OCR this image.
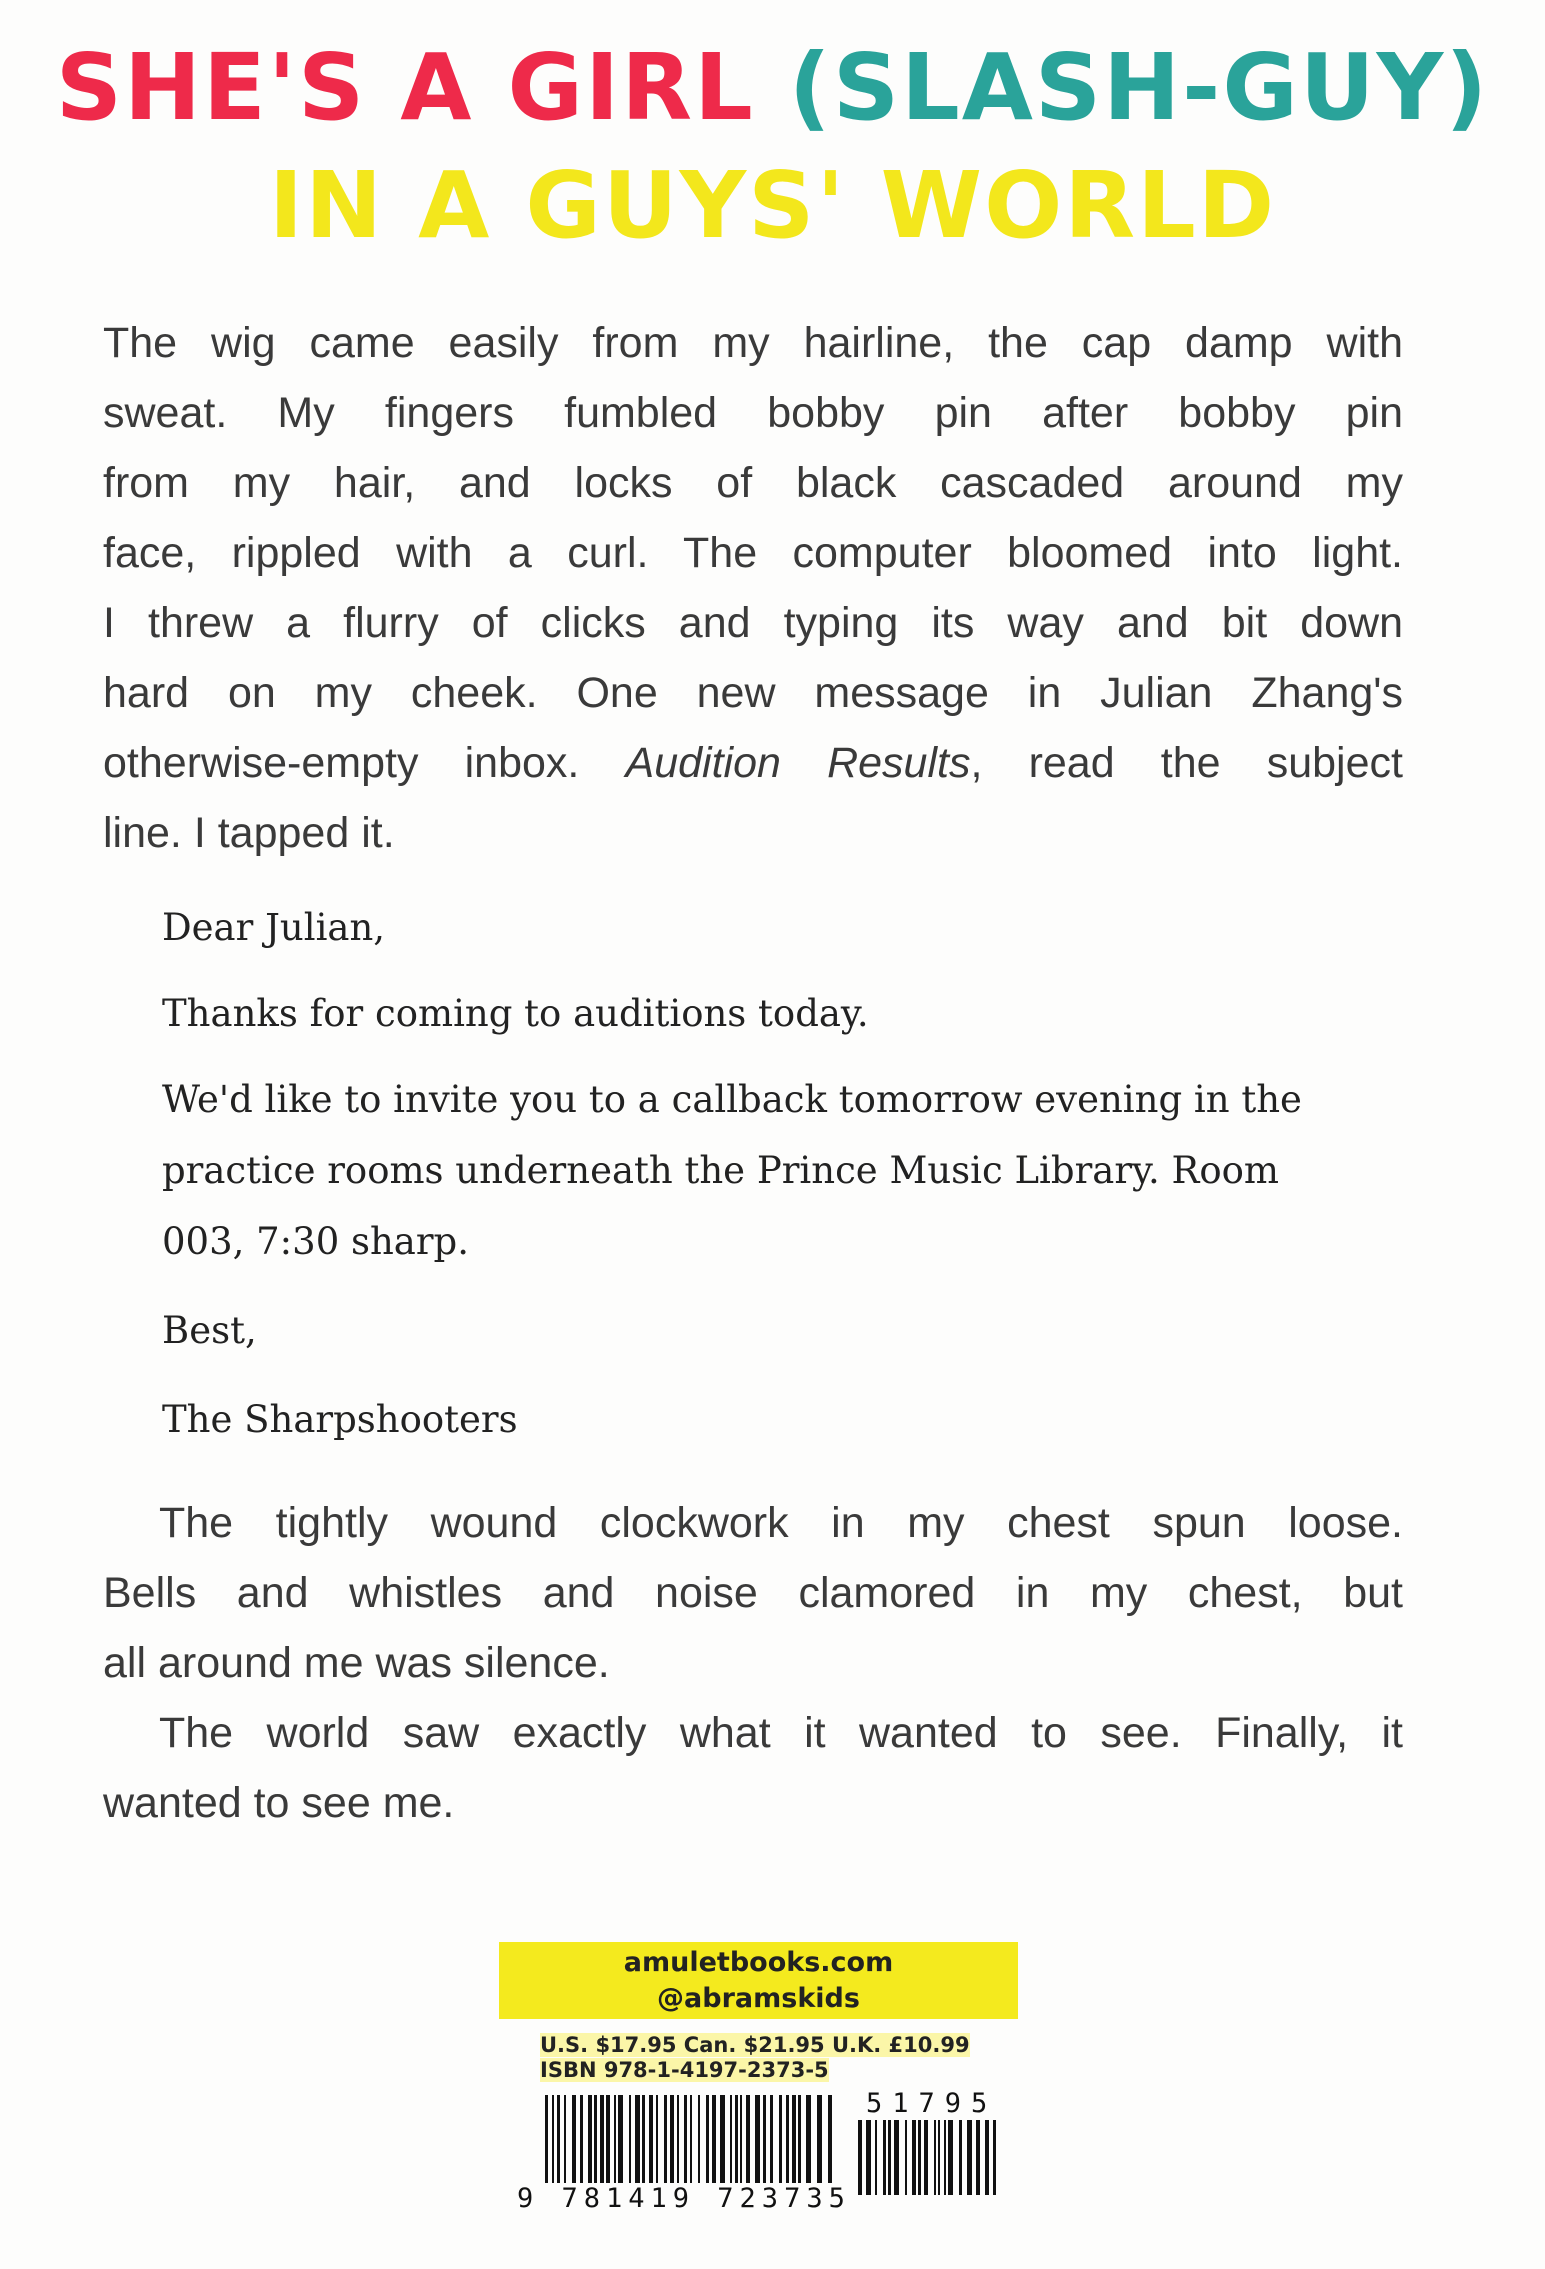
SHE'S A GIRL (SLASH-GUY)
IN A GUYS' WORLD
The wig came easily from my hairline, the cap damp with
sweat. My fingers fumbled bobby pin after bobby pin
from my hair, and locks of black cascaded around my
face, rippled with a curl. The computer bloomed into light.
I threw a flurry of clicks and typing its way and bit down
hard on my cheek. One new message in Julian Zhang's
otherwise-empty inbox. Audition Results, read the subject
line. I tapped it.
Dear Julian,
Thanks for coming to auditions today.
We'd like to invite you to a callback tomorrow evening in the
practice rooms underneath the Prince Music Library. Room
003, 7:30 sharp.
Best,
The Sharpshooters
The tightly wound clockwork in my chest spun loose.
Bells and whistles and noise clamored in my chest, but
all around me was silence.
The world saw exactly what it wanted to see. Finally, it
wanted to see me.
amuletbooks.com
@abramskids
U.S. $17.95 Can. $21.95 U.K. £10.99
ISBN 978-1-4197-2373-5
9 781419 723735
51795
